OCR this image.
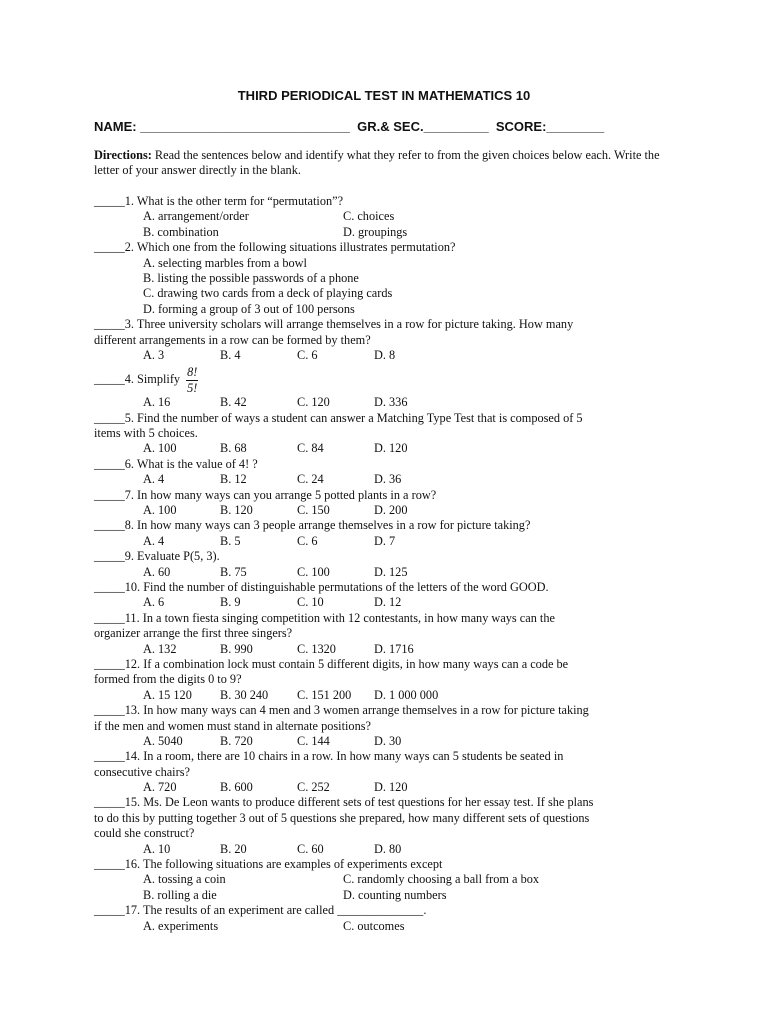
THIRD PERIODICAL TEST IN MATHEMATICS 10
NAME: _____________________________  GR.& SEC._________  SCORE:________
Directions: Read the sentences below and identify what they refer to from the given choices below each. Write the letter of your answer directly in the blank.
_____1. What is the other term for “permutation”?
A. arrangement/order	C. choices
B. combination	D. groupings
_____2. Which one from the following situations illustrates permutation?
A. selecting marbles from a bowl
B. listing the possible passwords of a phone
C. drawing two cards from a deck of playing cards
D. forming a group of 3 out of 100 persons
_____3. Three university scholars will arrange themselves in a row for picture taking. How many
different arrangements in a row can be formed by them?
A. 3	B. 4	C. 6	D. 8
_____4. Simplify $\frac{8!}{5!}$
A. 16	B. 42	C. 120	D. 336
_____5. Find the number of ways a student can answer a Matching Type Test that is composed of 5
items with 5 choices.
A. 100	B. 68	C. 84	D. 120
_____6. What is the value of 4! ?
A. 4	B. 12	C. 24	D. 36
_____7. In how many ways can you arrange 5 potted plants in a row?
A. 100	B. 120	C. 150	D. 200
_____8. In how many ways can 3 people arrange themselves in a row for picture taking?
A. 4	B. 5	C. 6	D. 7
_____9. Evaluate P(5, 3).
A. 60	B. 75	C. 100	D. 125
_____10. Find the number of distinguishable permutations of the letters of the word GOOD.
A. 6	B. 9	C. 10	D. 12
_____11. In a town fiesta singing competition with 12 contestants, in how many ways can the
organizer arrange the first three singers?
A. 132	B. 990	C. 1320	D. 1716
_____12. If a combination lock must contain 5 different digits, in how many ways can a code be
formed from the digits 0 to 9?
A. 15 120 B. 30 240 C. 151 200 D. 1 000 000
_____13. In how many ways can 4 men and 3 women arrange themselves in a row for picture taking
if the men and women must stand in alternate positions?
A. 5040	B. 720	C. 144	D. 30
_____14. In a room, there are 10 chairs in a row. In how many ways can 5 students be seated in
consecutive chairs?
A. 720	B. 600	C. 252	D. 120
_____15. Ms. De Leon wants to produce different sets of test questions for her essay test. If she plans
to do this by putting together 3 out of 5 questions she prepared, how many different sets of questions
could she construct?
A. 10	B. 20	C. 60	D. 80
_____16. The following situations are examples of experiments except
A. tossing a coin	C. randomly choosing a ball from a box
B. rolling a die	D. counting numbers
_____17. The results of an experiment are called ______________.
A. experiments	C. outcomes
